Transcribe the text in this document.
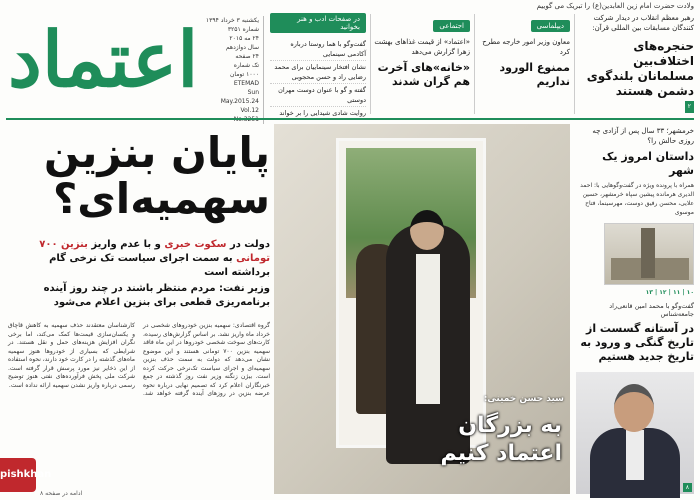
ولادت حضرت امام زین العابدین(ع) را تبریک می گوییم
اعتماد یکشنبه ۳ خرداد ۱۳۹۴
شماره ۳۲۵۱
۲۴ مه ۲۰۱۵
سال دوازدهم
۲۴ صفحه
تک شماره
۱۰۰۰ تومان
ETEMAD
Sun
24.May.2015
Vol.12
در صفحات ادب و هنر بخوانید
گفت‌وگو با هما روستا درباره آکادمی سینمایی
نشان افتخار سینماییان برای محمد رضایی راد و حسن محجوبی
گفته و گو با عنوان دوست مهران دوستی
روایت شادی شیدایی را بر خواند
اجتماعی
«اعتماد» از قیمت غذاهای بهشت زهرا گزارش می‌دهد
«خانه»های آخرت هم گران شدند
دیپلماسی
معاون وزیر امور خارجه مطرح کرد
ممنوع الورود نداریم
رهبر معظم انقلاب در دیدار شرکت کنندگان مسابقات بین المللی قرآن:
حنجره‌های اختلاف‌بین مسلمانان بلندگوی دشمن هستند
۲
پایان بنزین سهمیه‌ای؟
دولت در سکوت خبری و با عدم واریز بنزین ۷۰۰ تومانی به سمت اجرای سیاست تک نرخی گام برداشته است
وزیر نفت: مردم منتظر باشند در چند روز آینده برنامه‌ریزی قطعی برای بنزین اعلام می‌شود
گروه اقتصادی: سهمیه بنزین خودروهای شخصی در خرداد ماه واریز نشد. بر اساس گزارش‌های رسیده، کارت‌های سوخت شخصی خودروها در این ماه فاقد سهمیه بنزین ۷۰۰ تومانی هستند و این موضوع نشان می‌دهد که دولت به سمت حذف بنزین سهمیه‌ای و اجرای سیاست تک‌نرخی حرکت کرده است. بیژن زنگنه وزیر نفت روز گذشته در جمع خبرنگاران اعلام کرد که تصمیم نهایی درباره نحوه عرضه بنزین در روزهای آینده گرفته خواهد شد. کارشناسان معتقدند حذف سهمیه به کاهش قاچاق و یکسان‌سازی قیمت‌ها کمک می‌کند، اما برخی نگران افزایش هزینه‌های حمل و نقل هستند. در شرایطی که بسیاری از خودروها هنوز سهمیه ماه‌های گذشته را در کارت خود دارند، نحوه استفاده از این ذخایر نیز مورد پرسش قرار گرفته است. شرکت ملی پخش فرآورده‌های نفتی هنوز توضیح رسمی درباره واریز نشدن سهمیه ارائه نداده است.
ادامه در صفحه ۸
سید حسن خمینی:
به بزرگان اعتماد کنیم
خرمشهر؛ ۳۳ سال پس از آزادی چه روزی حالش را؟
داستان امروز یک شهر
همراه با پرونده ویژه در گفت‌وگوهایی با: احمد الدیری هرمانده پیشین سپاه خرمشهر، حسین علایی، محسن رفیق دوست، مهرسینما، فتاح موسوی
۱۰ | ۱۱ | ۱۲ | ۱۳
گفت‌وگو با محمد امین قانعی‌راد جامعه‌شناس
در آستانه گسست از تاریخ گنگی و ورود به تاریخ جدید هستیم
۸
pishkhan
